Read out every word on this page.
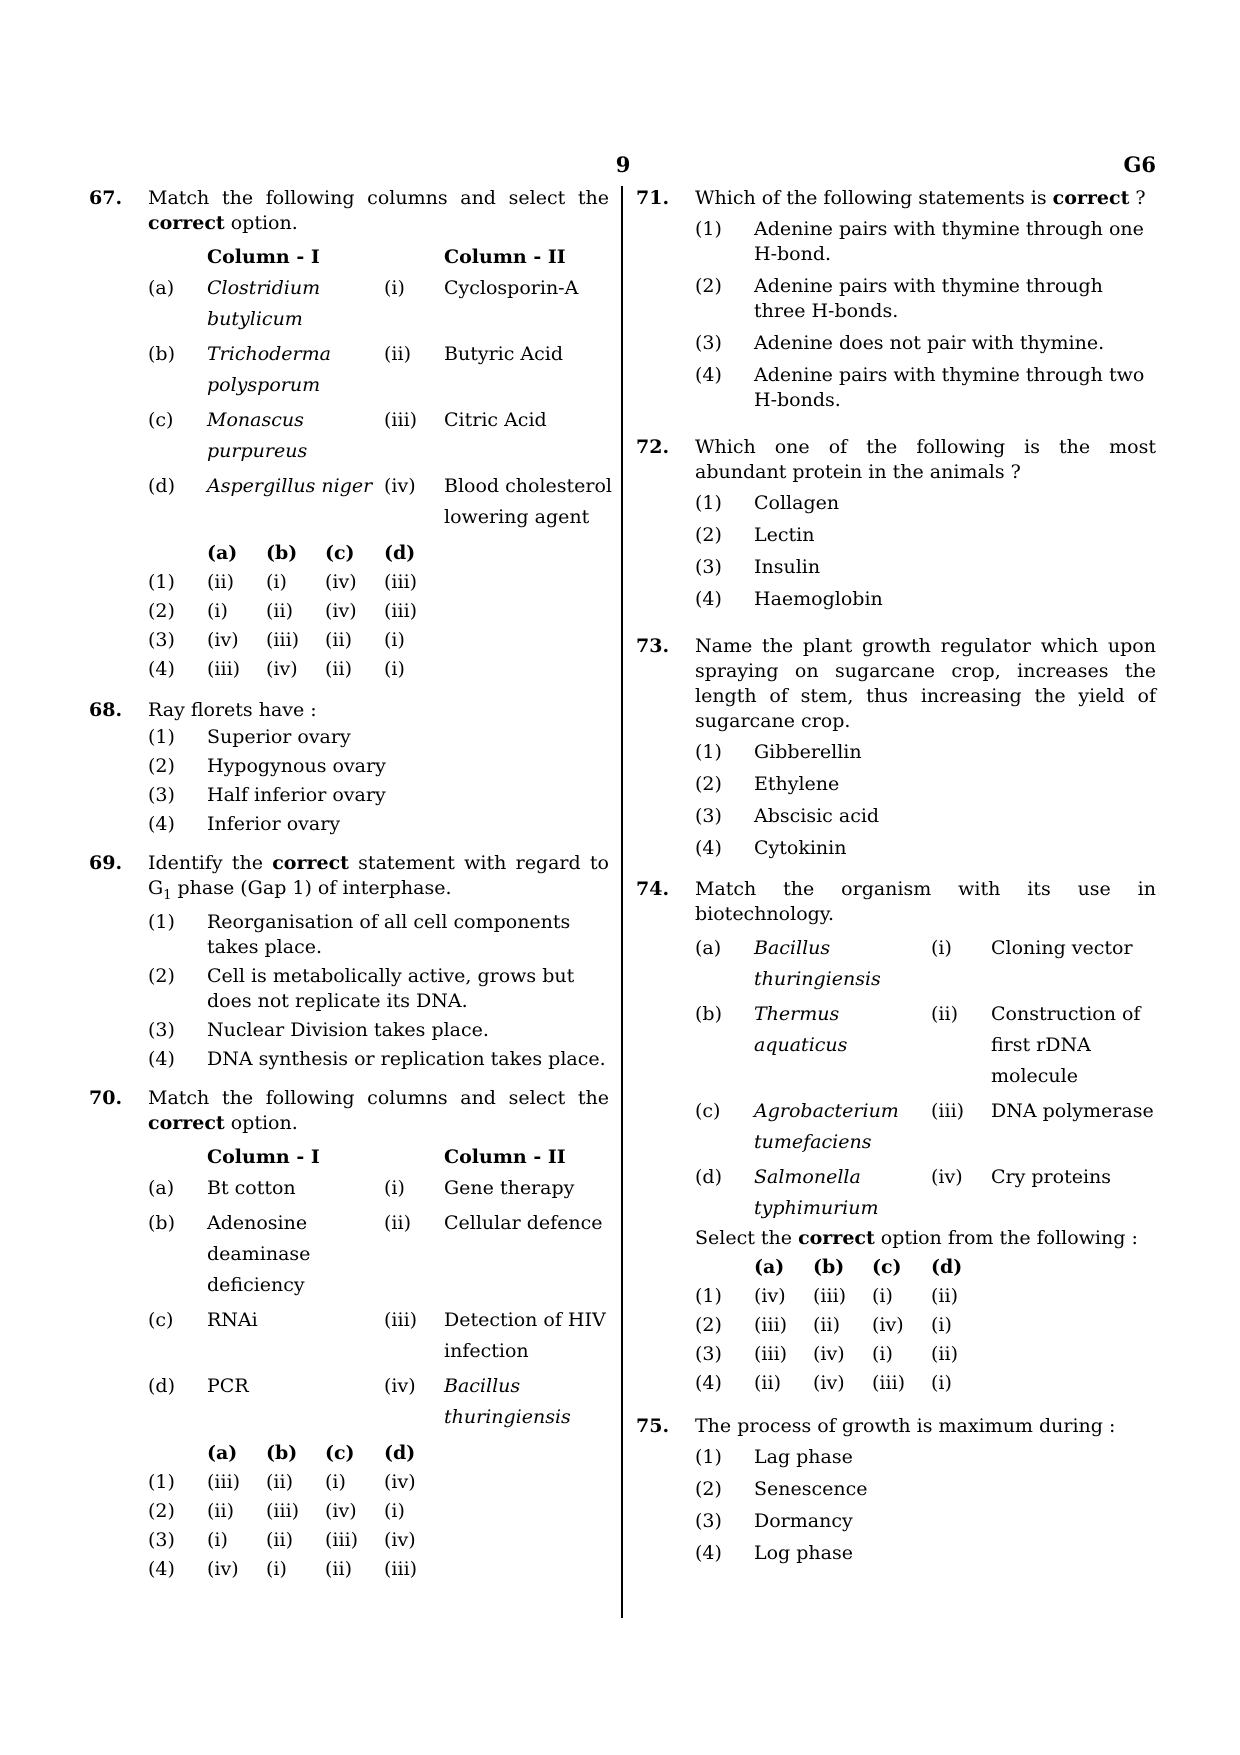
9	G6
67. Match the following columns and select the correct option.
Column - I	Column - II
(a) Clostridium	(i) Cyclosporin-A
butylicum
(b) Trichoderma	(ii) Butyric Acid
polysporum
(c) Monascus	(iii) Citric Acid
purpureus
(d) Aspergillus niger (iv) Blood cholesterol
lowering agent
(a) (b) (c) (d)
(1) (ii) (i) (iv) (iii)
(2) (i) (ii) (iv) (iii)
(3) (iv) (iii) (ii) (i)
(4) (iii) (iv) (ii) (i)
68. Ray florets have :
(1) Superior ovary
(2) Hypogynous ovary
(3) Half inferior ovary
(4) Inferior ovary
69. Identify the correct statement with regard to $G_1$ phase (Gap 1) of interphase.
(1) Reorganisation of all cell components takes place.
(2) Cell is metabolically active, grows but does not replicate its DNA.
(3) Nuclear Division takes place.
(4) DNA synthesis or replication takes place.
70. Match the following columns and select the correct option.
Column - I	Column - II
(a) Bt cotton	(i) Gene therapy
(b) Adenosine	(ii) Cellular defence
deaminase
deficiency
(c) RNAi	(iii) Detection of HIV
infection
(d) PCR	(iv) Bacillus
thuringiensis
(a) (b) (c) (d)
(1) (iii) (ii) (i) (iv)
(2) (ii) (iii) (iv) (i)
(3) (i) (ii) (iii) (iv)
(4) (iv) (i) (ii) (iii)
71. Which of the following statements is correct ?
(1) Adenine pairs with thymine through one H-bond.
(2) Adenine pairs with thymine through three H-bonds.
(3) Adenine does not pair with thymine.
(4) Adenine pairs with thymine through two H-bonds.
72. Which one of the following is the most abundant protein in the animals ?
(1) Collagen
(2) Lectin
(3) Insulin
(4) Haemoglobin
73. Name the plant growth regulator which upon spraying on sugarcane crop, increases the length of stem, thus increasing the yield of sugarcane crop.
(1) Gibberellin
(2) Ethylene
(3) Abscisic acid
(4) Cytokinin
74. Match the organism with its use in biotechnology.
(a) Bacillus	(i) Cloning vector
thuringiensis
(b) Thermus	(ii) Construction of
aquaticus	first rDNA
molecule
(c) Agrobacterium (iii) DNA polymerase
tumefaciens
(d) Salmonella	(iv) Cry proteins
typhimurium
Select the correct option from the following :
(a) (b) (c) (d)
(1) (iv) (iii) (i) (ii)
(2) (iii) (ii) (iv) (i)
(3) (iii) (iv) (i) (ii)
(4) (ii) (iv) (iii) (i)
75. The process of growth is maximum during :
(1) Lag phase
(2) Senescence
(3) Dormancy
(4) Log phase
